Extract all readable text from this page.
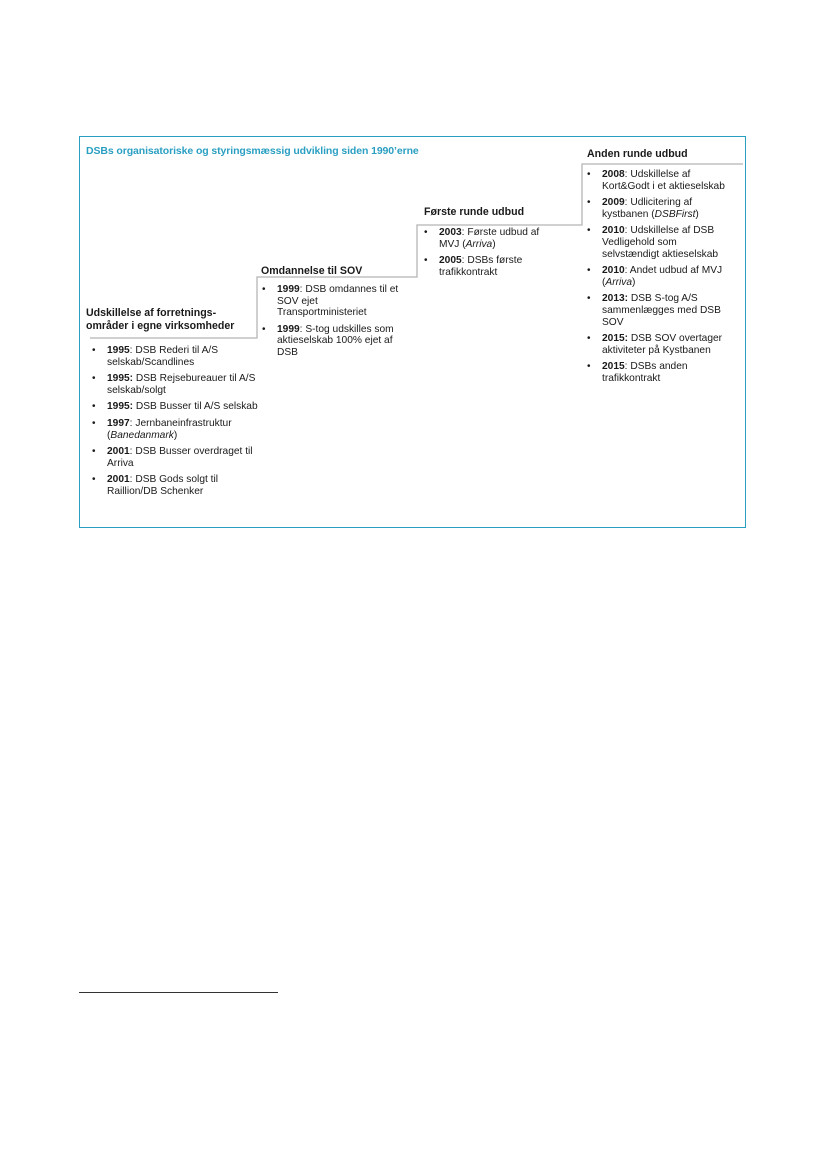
DSBs organisatoriske og styringsmæssig udvikling siden 1990’erne
Udskillelse af forretnings-
områder i egne virksomheder
• 1995: DSB Rederi til A/S selskab/Scandlines
• 1995: DSB Rejsebureauer til A/S selskab/solgt
• 1995: DSB Busser til A/S selskab
• 1997: Jernbaneinfrastruktur (Banedanmark)
• 2001: DSB Busser overdraget til Arriva
• 2001: DSB Gods solgt til Raillion/DB Schenker
Omdannelse til SOV
• 1999: DSB omdannes til et SOV ejet Transportministeriet
• 1999: S-tog udskilles som aktieselskab 100% ejet af DSB
Første runde udbud
• 2003: Første udbud af MVJ (Arriva)
• 2005: DSBs første trafikkontrakt
Anden runde udbud
• 2008: Udskillelse af Kort&Godt i et aktieselskab
• 2009: Udlicitering af kystbanen (DSBFirst)
• 2010: Udskillelse af DSB Vedligehold som selvstændigt aktieselskab
• 2010: Andet udbud af MVJ (Arriva)
• 2013: DSB S-tog A/S sammenlægges med DSB SOV
• 2015: DSB SOV overtager aktiviteter på Kystbanen
• 2015: DSBs anden trafikkontrakt
